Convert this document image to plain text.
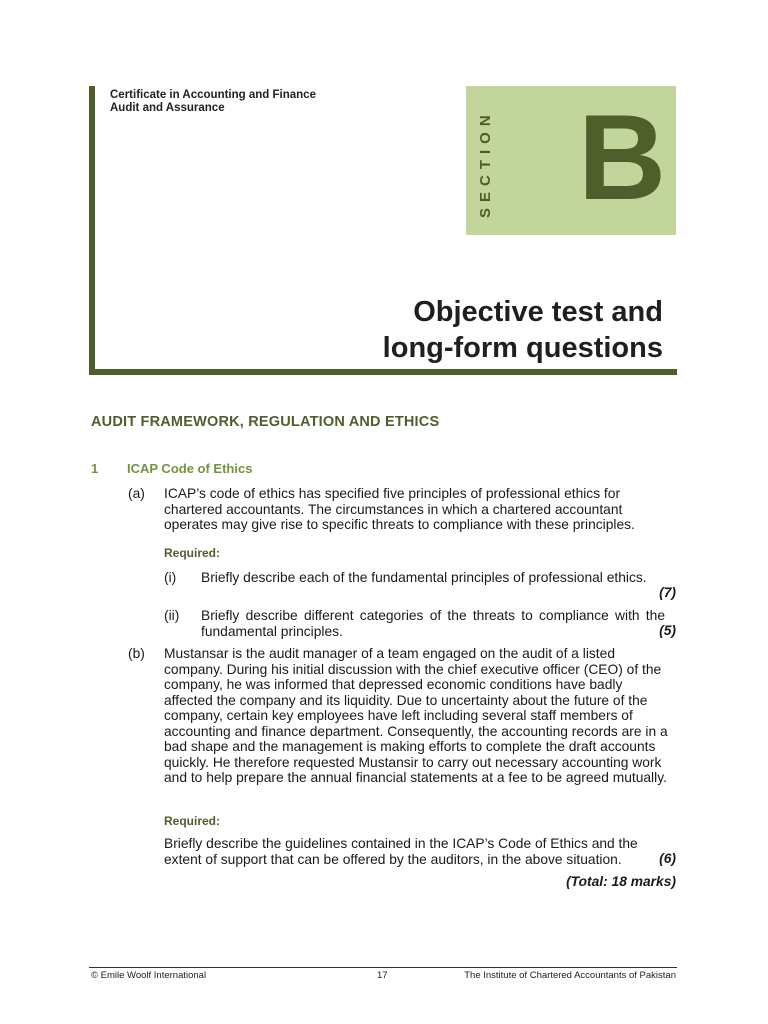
Certificate in Accounting and Finance
Audit and Assurance
SECTION B
Objective test and
long-form questions
AUDIT FRAMEWORK, REGULATION AND ETHICS
1 ICAP Code of Ethics
(a) ICAP’s code of ethics has specified five principles of professional ethics for chartered accountants. The circumstances in which a chartered accountant operates may give rise to specific threats to compliance with these principles.
Required:
(i) Briefly describe each of the fundamental principles of professional ethics.
(7)
(ii) Briefly describe different categories of the threats to compliance with the fundamental principles.	(5)
(b) Mustansar is the audit manager of a team engaged on the audit of a listed company. During his initial discussion with the chief executive officer (CEO) of the company, he was informed that depressed economic conditions have badly affected the company and its liquidity. Due to uncertainty about the future of the company, certain key employees have left including several staff members of accounting and finance department. Consequently, the accounting records are in a bad shape and the management is making efforts to complete the draft accounts quickly. He therefore requested Mustansir to carry out necessary accounting work and to help prepare the annual financial statements at a fee to be agreed mutually.
Required:
Briefly describe the guidelines contained in the ICAP’s Code of Ethics and the extent of support that can be offered by the auditors, in the above situation.	(6)
(Total: 18 marks)
© Emile Woolf International	17	The Institute of Chartered Accountants of Pakistan
